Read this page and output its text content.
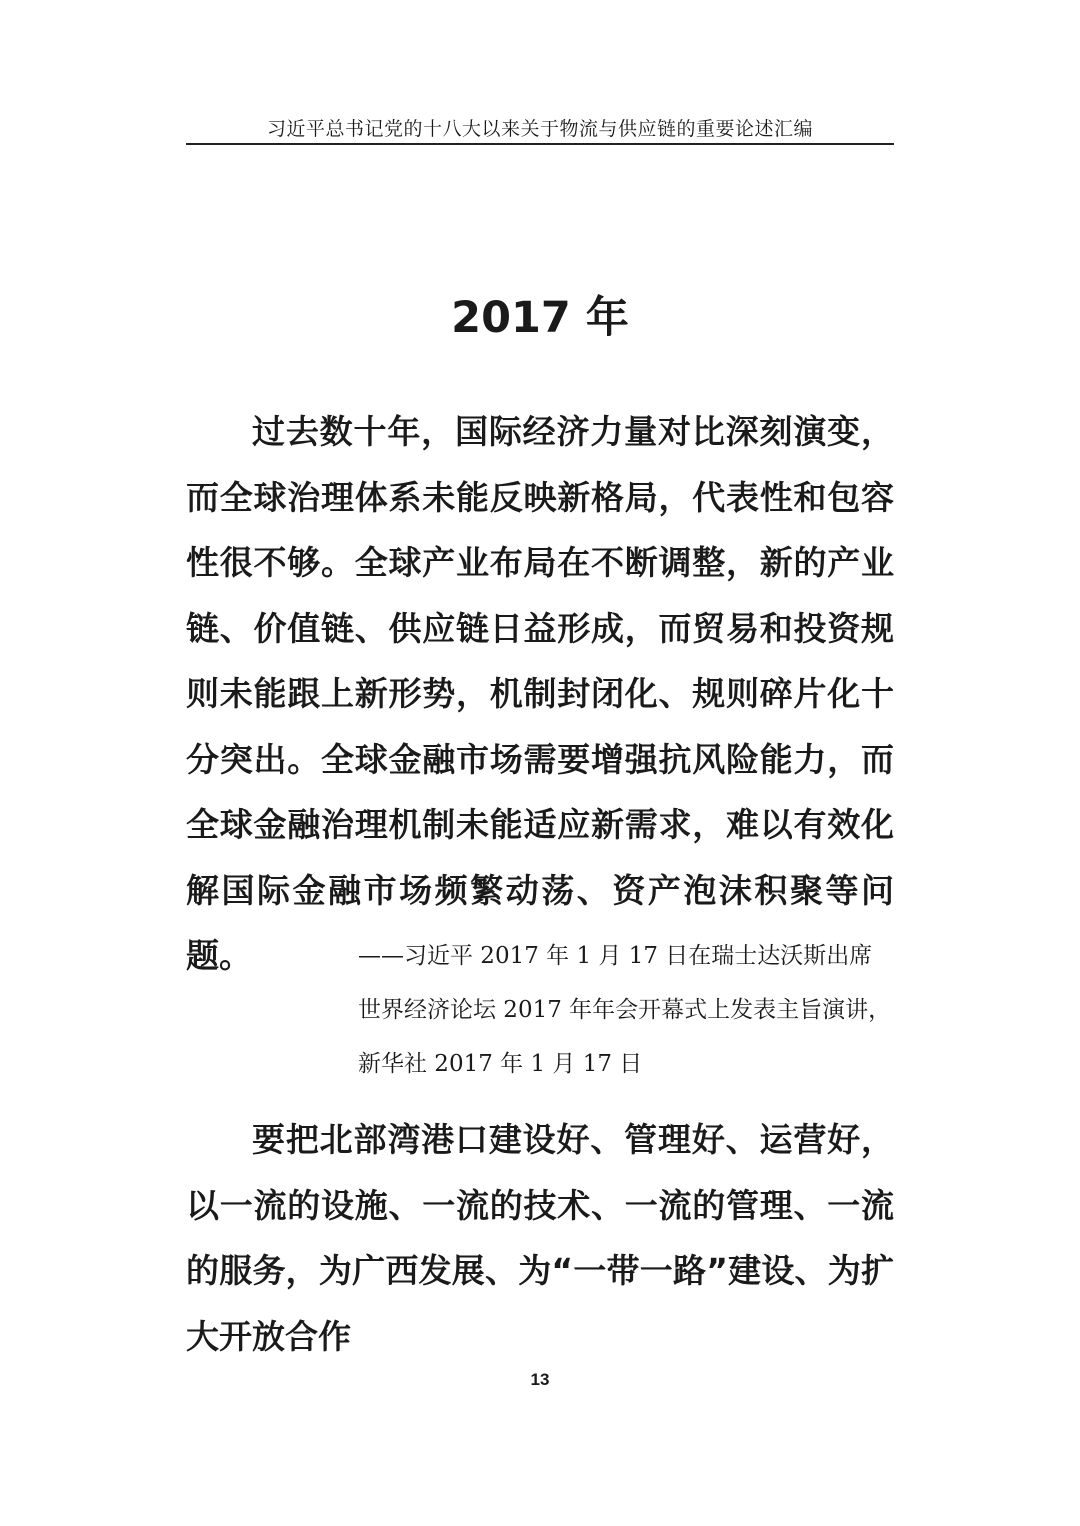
习近平总书记党的十八大以来关于物流与供应链的重要论述汇编
2017 年

过去数十年，国际经济力量对比深刻演变，而全球治理体系未能反映新格局，代表性和包容性很不够。全球产业布局在不断调整，新的产业链、价值链、供应链日益形成，而贸易和投资规则未能跟上新形势，机制封闭化、规则碎片化十分突出。全球金融市场需要增强抗风险能力，而全球金融治理机制未能适应新需求，难以有效化解国际金融市场频繁动荡、资产泡沫积聚等问题。	——习近平 2017 年 1 月 17 日在瑞士达沃斯出席
世界经济论坛 2017 年年会开幕式上发表主旨演讲，
新华社 2017 年 1 月 17 日

要把北部湾港口建设好、管理好、运营好，以一流的设施、一流的技术、一流的管理、一流的服务，为广西发展、为“一带一路”建设、为扩大开放合作

13
